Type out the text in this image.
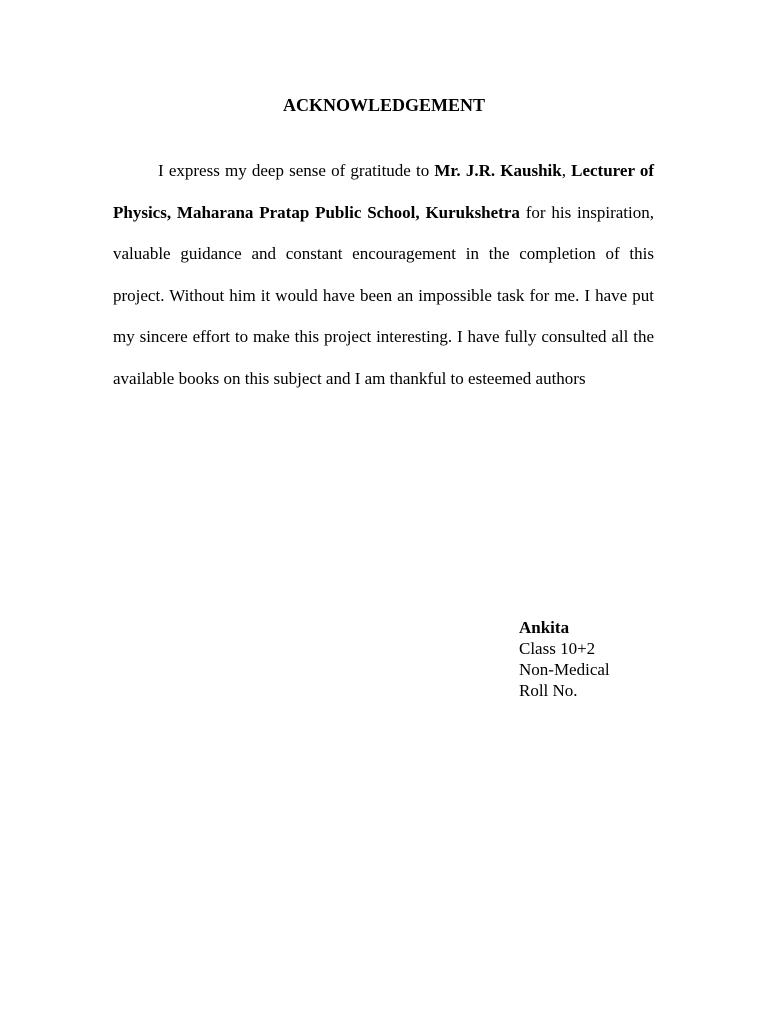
ACKNOWLEDGEMENT

I express my deep sense of gratitude to Mr. J.R. Kaushik, Lecturer of Physics, Maharana Pratap Public School, Kurukshetra for his inspiration, valuable guidance and constant encouragement in the completion of this project. Without him it would have been an impossible task for me. I have put my sincere effort to make this project interesting. I have fully consulted all the available books on this subject and I am thankful to esteemed authors

Ankita
Class 10+2
Non-Medical
Roll No.
